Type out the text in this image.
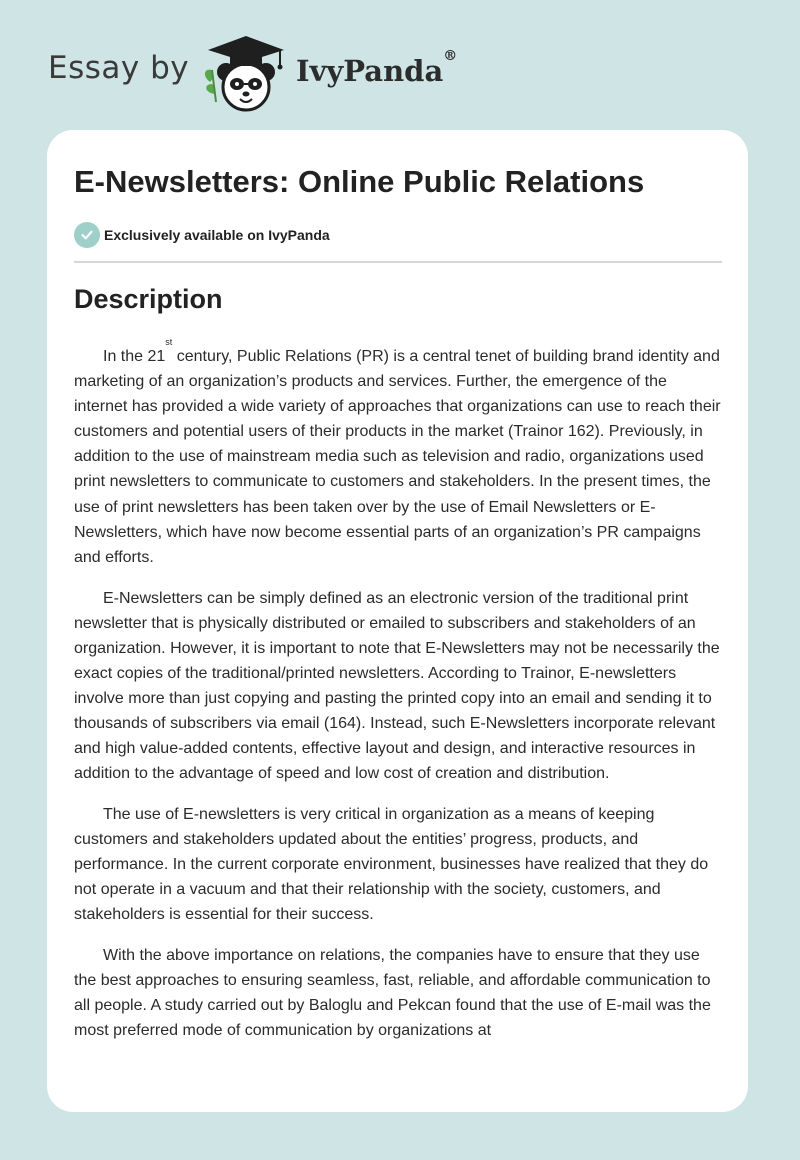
Essay by	IvyPanda®
E-Newsletters: Online Public Relations
Exclusively available on IvyPanda
Description

In the 21st century, Public Relations (PR) is a central tenet of building brand identity and marketing of an organization’s products and services. Further, the emergence of the internet has provided a wide variety of approaches that organizations can use to reach their customers and potential users of their products in the market (Trainor 162). Previously, in addition to the use of mainstream media such as television and radio, organizations used print newsletters to communicate to customers and stakeholders. In the present times, the use of print newsletters has been taken over by the use of Email Newsletters or E-Newsletters, which have now become essential parts of an organization’s PR campaigns and efforts.

E-Newsletters can be simply defined as an electronic version of the traditional print newsletter that is physically distributed or emailed to subscribers and stakeholders of an organization. However, it is important to note that E-Newsletters may not be necessarily the exact copies of the traditional/printed newsletters. According to Trainor, E-newsletters involve more than just copying and pasting the printed copy into an email and sending it to thousands of subscribers via email (164). Instead, such E-Newsletters incorporate relevant and high value-added contents, effective layout and design, and interactive resources in addition to the advantage of speed and low cost of creation and distribution.

The use of E-newsletters is very critical in organization as a means of keeping customers and stakeholders updated about the entities’ progress, products, and performance. In the current corporate environment, businesses have realized that they do not operate in a vacuum and that their relationship with the society, customers, and stakeholders is essential for their success.

With the above importance on relations, the companies have to ensure that they use the best approaches to ensuring seamless, fast, reliable, and affordable communication to all people. A study carried out by Baloglu and Pekcan found that the use of E-mail was the most preferred mode of communication by organizations at
